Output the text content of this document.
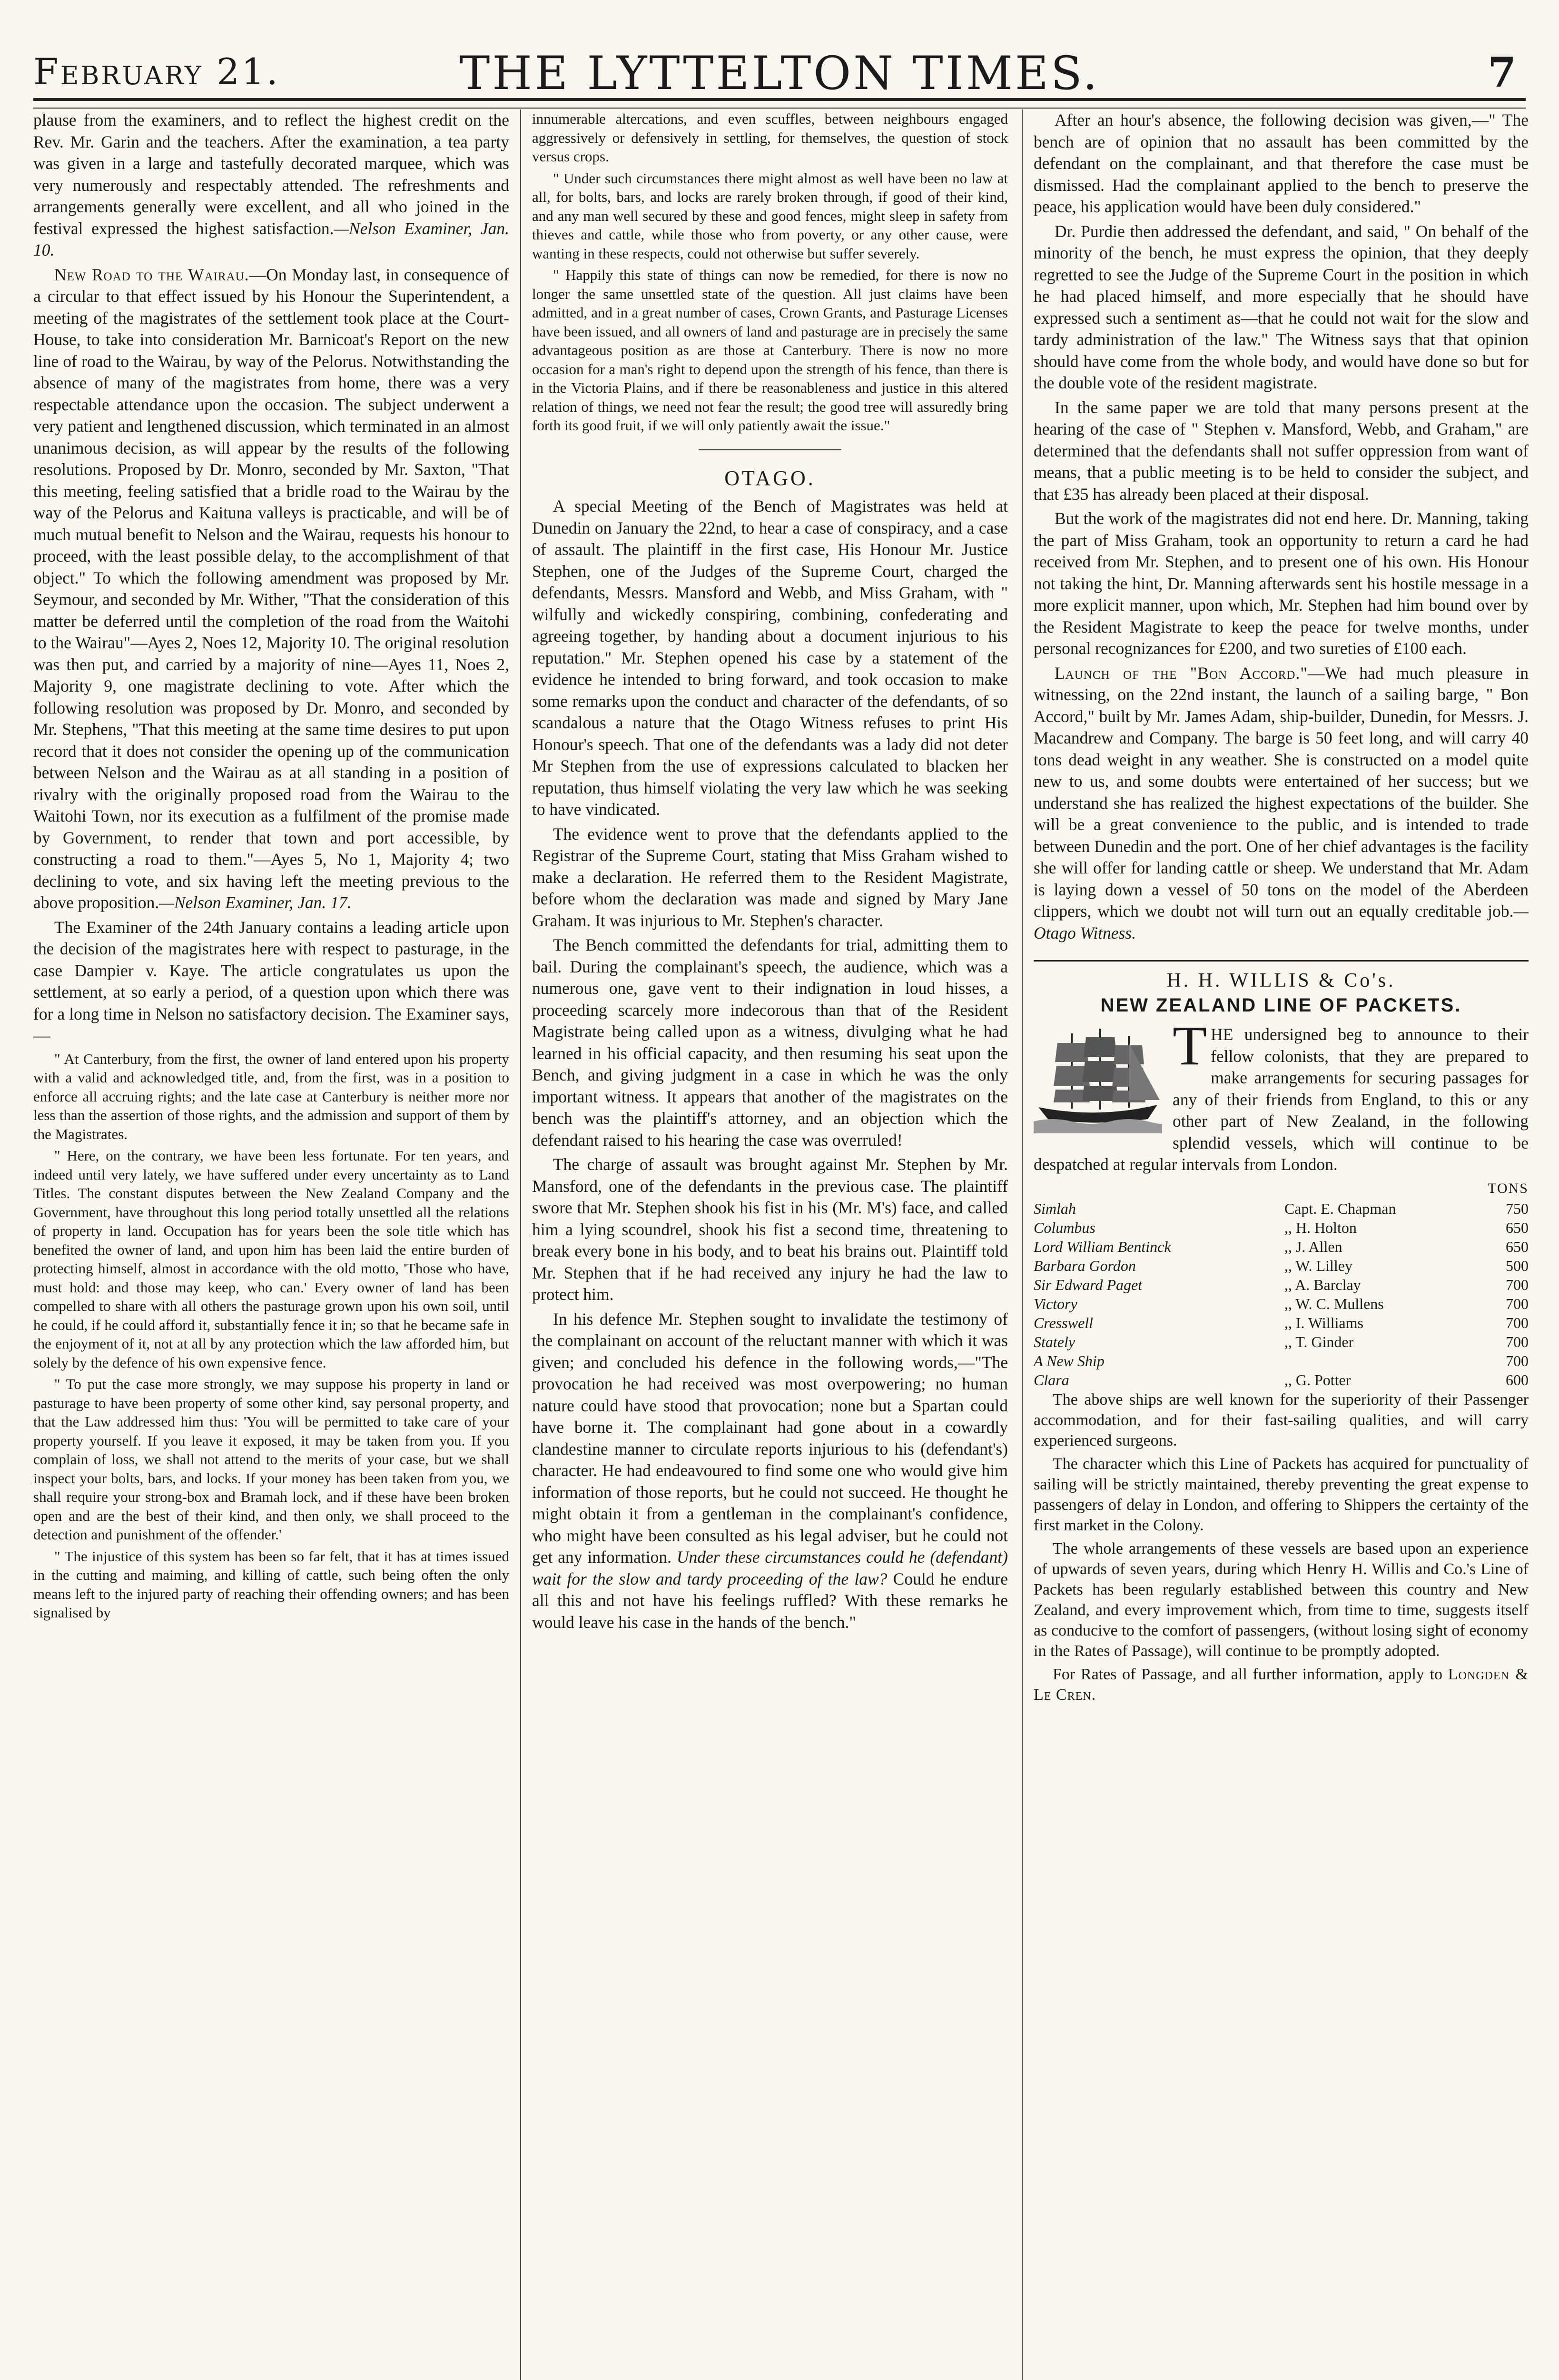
February 21.	THE LYTTELTON TIMES.	7

plause from the examiners, and to reflect the highest credit on the Rev. Mr. Garin and the teachers. After the examination, a tea party was given in a large and tastefully decorated marquee, which was very numerously and respectably attended. The refreshments and arrangements generally were excellent, and all who joined in the festival expressed the highest satisfaction.—Nelson Examiner, Jan. 10.

New Road to the Wairau.—On Monday last, in consequence of a circular to that effect issued by his Honour the Superintendent, a meeting of the magistrates of the settlement took place at the Court-House, to take into consideration Mr. Barnicoat's Report on the new line of road to the Wairau, by way of the Pelorus. Notwithstanding the absence of many of the magistrates from home, there was a very respectable attendance upon the occasion. The subject underwent a very patient and lengthened discussion, which terminated in an almost unanimous decision, as will appear by the results of the following resolutions. Proposed by Dr. Monro, seconded by Mr. Saxton, "That this meeting, feeling satisfied that a bridle road to the Wairau by the way of the Pelorus and Kaituna valleys is practicable, and will be of much mutual benefit to Nelson and the Wairau, requests his honour to proceed, with the least possible delay, to the accomplishment of that object." To which the following amendment was proposed by Mr. Seymour, and seconded by Mr. Wither, "That the consideration of this matter be deferred until the completion of the road from the Waitohi to the Wairau"—Ayes 2, Noes 12, Majority 10. The original resolution was then put, and carried by a majority of nine—Ayes 11, Noes 2, Majority 9, one magistrate declining to vote. After which the following resolution was proposed by Dr. Monro, and seconded by Mr. Stephens, "That this meeting at the same time desires to put upon record that it does not consider the opening up of the communication between Nelson and the Wairau as at all standing in a position of rivalry with the originally proposed road from the Wairau to the Waitohi Town, nor its execution as a fulfilment of the promise made by Government, to render that town and port accessible, by constructing a road to them."—Ayes 5, No 1, Majority 4; two declining to vote, and six having left the meeting previous to the above proposition.—Nelson Examiner, Jan. 17.

The Examiner of the 24th January contains a leading article upon the decision of the magistrates here with respect to pasturage, in the case Dampier v. Kaye. The article congratulates us upon the settlement, at so early a period, of a question upon which there was for a long time in Nelson no satisfactory decision. The Examiner says,—

" At Canterbury, from the first, the owner of land entered upon his property with a valid and acknowledged title, and, from the first, was in a position to enforce all accruing rights; and the late case at Canterbury is neither more nor less than the assertion of those rights, and the admission and support of them by the Magistrates.

" Here, on the contrary, we have been less fortunate. For ten years, and indeed until very lately, we have suffered under every uncertainty as to Land Titles. The constant disputes between the New Zealand Company and the Government, have throughout this long period totally unsettled all the relations of property in land. Occupation has for years been the sole title which has benefited the owner of land, and upon him has been laid the entire burden of protecting himself, almost in accordance with the old motto, 'Those who have, must hold: and those may keep, who can.' Every owner of land has been compelled to share with all others the pasturage grown upon his own soil, until he could, if he could afford it, substantially fence it in; so that he became safe in the enjoyment of it, not at all by any protection which the law afforded him, but solely by the defence of his own expensive fence.

" To put the case more strongly, we may suppose his property in land or pasturage to have been property of some other kind, say personal property, and that the Law addressed him thus: 'You will be permitted to take care of your property yourself. If you leave it exposed, it may be taken from you. If you complain of loss, we shall not attend to the merits of your case, but we shall inspect your bolts, bars, and locks. If your money has been taken from you, we shall require your strong-box and Bramah lock, and if these have been broken open and are the best of their kind, and then only, we shall proceed to the detection and punishment of the offender.'

" The injustice of this system has been so far felt, that it has at times issued in the cutting and maiming, and killing of cattle, such being often the only means left to the injured party of reaching their offending owners; and has been signalised by

innumerable altercations, and even scuffles, between neighbours engaged aggressively or defensively in settling, for themselves, the question of stock versus crops.

" Under such circumstances there might almost as well have been no law at all, for bolts, bars, and locks are rarely broken through, if good of their kind, and any man well secured by these and good fences, might sleep in safety from thieves and cattle, while those who from poverty, or any other cause, were wanting in these respects, could not otherwise but suffer severely.

" Happily this state of things can now be remedied, for there is now no longer the same unsettled state of the question. All just claims have been admitted, and in a great number of cases, Crown Grants, and Pasturage Licenses have been issued, and all owners of land and pasturage are in precisely the same advantageous position as are those at Canterbury. There is now no more occasion for a man's right to depend upon the strength of his fence, than there is in the Victoria Plains, and if there be reasonableness and justice in this altered relation of things, we need not fear the result; the good tree will assuredly bring forth its good fruit, if we will only patiently await the issue."

OTAGO.

A special Meeting of the Bench of Magistrates was held at Dunedin on January the 22nd, to hear a case of conspiracy, and a case of assault. The plaintiff in the first case, His Honour Mr. Justice Stephen, one of the Judges of the Supreme Court, charged the defendants, Messrs. Mansford and Webb, and Miss Graham, with " wilfully and wickedly conspiring, combining, confederating and agreeing together, by handing about a document injurious to his reputation." Mr. Stephen opened his case by a statement of the evidence he intended to bring forward, and took occasion to make some remarks upon the conduct and character of the defendants, of so scandalous a nature that the Otago Witness refuses to print His Honour's speech. That one of the defendants was a lady did not deter Mr Stephen from the use of expressions calculated to blacken her reputation, thus himself violating the very law which he was seeking to have vindicated.

The evidence went to prove that the defendants applied to the Registrar of the Supreme Court, stating that Miss Graham wished to make a declaration. He referred them to the Resident Magistrate, before whom the declaration was made and signed by Mary Jane Graham. It was injurious to Mr. Stephen's character.

The Bench committed the defendants for trial, admitting them to bail. During the complainant's speech, the audience, which was a numerous one, gave vent to their indignation in loud hisses, a proceeding scarcely more indecorous than that of the Resident Magistrate being called upon as a witness, divulging what he had learned in his official capacity, and then resuming his seat upon the Bench, and giving judgment in a case in which he was the only important witness. It appears that another of the magistrates on the bench was the plaintiff's attorney, and an objection which the defendant raised to his hearing the case was overruled!

The charge of assault was brought against Mr. Stephen by Mr. Mansford, one of the defendants in the previous case. The plaintiff swore that Mr. Stephen shook his fist in his (Mr. M's) face, and called him a lying scoundrel, shook his fist a second time, threatening to break every bone in his body, and to beat his brains out. Plaintiff told Mr. Stephen that if he had received any injury he had the law to protect him.

In his defence Mr. Stephen sought to invalidate the testimony of the complainant on account of the reluctant manner with which it was given; and concluded his defence in the following words,—"The provocation he had received was most overpowering; no human nature could have stood that provocation; none but a Spartan could have borne it. The complainant had gone about in a cowardly clandestine manner to circulate reports injurious to his (defendant's) character. He had endeavoured to find some one who would give him information of those reports, but he could not succeed. He thought he might obtain it from a gentleman in the complainant's confidence, who might have been consulted as his legal adviser, but he could not get any information. Under these circumstances could he (defendant) wait for the slow and tardy proceeding of the law? Could he endure all this and not have his feelings ruffled? With these remarks he would leave his case in the hands of the bench."

After an hour's absence, the following decision was given,—" The bench are of opinion that no assault has been committed by the defendant on the complainant, and that therefore the case must be dismissed. Had the complainant applied to the bench to preserve the peace, his application would have been duly considered."

Dr. Purdie then addressed the defendant, and said, " On behalf of the minority of the bench, he must express the opinion, that they deeply regretted to see the Judge of the Supreme Court in the position in which he had placed himself, and more especially that he should have expressed such a sentiment as—that he could not wait for the slow and tardy administration of the law." The Witness says that that opinion should have come from the whole body, and would have done so but for the double vote of the resident magistrate.

In the same paper we are told that many persons present at the hearing of the case of " Stephen v. Mansford, Webb, and Graham," are determined that the defendants shall not suffer oppression from want of means, that a public meeting is to be held to consider the subject, and that £35 has already been placed at their disposal.

But the work of the magistrates did not end here. Dr. Manning, taking the part of Miss Graham, took an opportunity to return a card he had received from Mr. Stephen, and to present one of his own. His Honour not taking the hint, Dr. Manning afterwards sent his hostile message in a more explicit manner, upon which, Mr. Stephen had him bound over by the Resident Magistrate to keep the peace for twelve months, under personal recognizances for £200, and two sureties of £100 each.

Launch of the "Bon Accord."—We had much pleasure in witnessing, on the 22nd instant, the launch of a sailing barge, " Bon Accord," built by Mr. James Adam, ship-builder, Dunedin, for Messrs. J. Macandrew and Company. The barge is 50 feet long, and will carry 40 tons dead weight in any weather. She is constructed on a model quite new to us, and some doubts were entertained of her success; but we understand she has realized the highest expectations of the builder. She will be a great convenience to the public, and is intended to trade between Dunedin and the port. One of her chief advantages is the facility she will offer for landing cattle or sheep. We understand that Mr. Adam is laying down a vessel of 50 tons on the model of the Aberdeen clippers, which we doubt not will turn out an equally creditable job.—Otago Witness.

H. H. WILLIS & Co's.
NEW ZEALAND LINE OF PACKETS.
T HE undersigned beg to announce to their fellow colonists, that they are prepared to make arrangements for securing passages for any of their friends from England, to this or any other part of New Zealand, in the following splendid vessels, which will continue to be despatched at regular intervals from London.
TONS
Simlah	Capt. E. Chapman	750
Columbus	,, H. Holton	650
Lord William Bentinck	,, J. Allen	650
Barbara Gordon	,, W. Lilley	500
Sir Edward Paget	,, A. Barclay	700
Victory	,, W. C. Mullens	700
Cresswell	,, I. Williams	700
Stately	,, T. Ginder	700
A New Ship		700
Clara	,, G. Potter	600

The above ships are well known for the superiority of their Passenger accommodation, and for their fast-sailing qualities, and will carry experienced surgeons.

The character which this Line of Packets has acquired for punctuality of sailing will be strictly maintained, thereby preventing the great expense to passengers of delay in London, and offering to Shippers the certainty of the first market in the Colony.

The whole arrangements of these vessels are based upon an experience of upwards of seven years, during which Henry H. Willis and Co.'s Line of Packets has been regularly established between this country and New Zealand, and every improvement which, from time to time, suggests itself as conducive to the comfort of passengers, (without losing sight of economy in the Rates of Passage), will continue to be promptly adopted.

For Rates of Passage, and all further information, apply to Longden & Le Cren.
